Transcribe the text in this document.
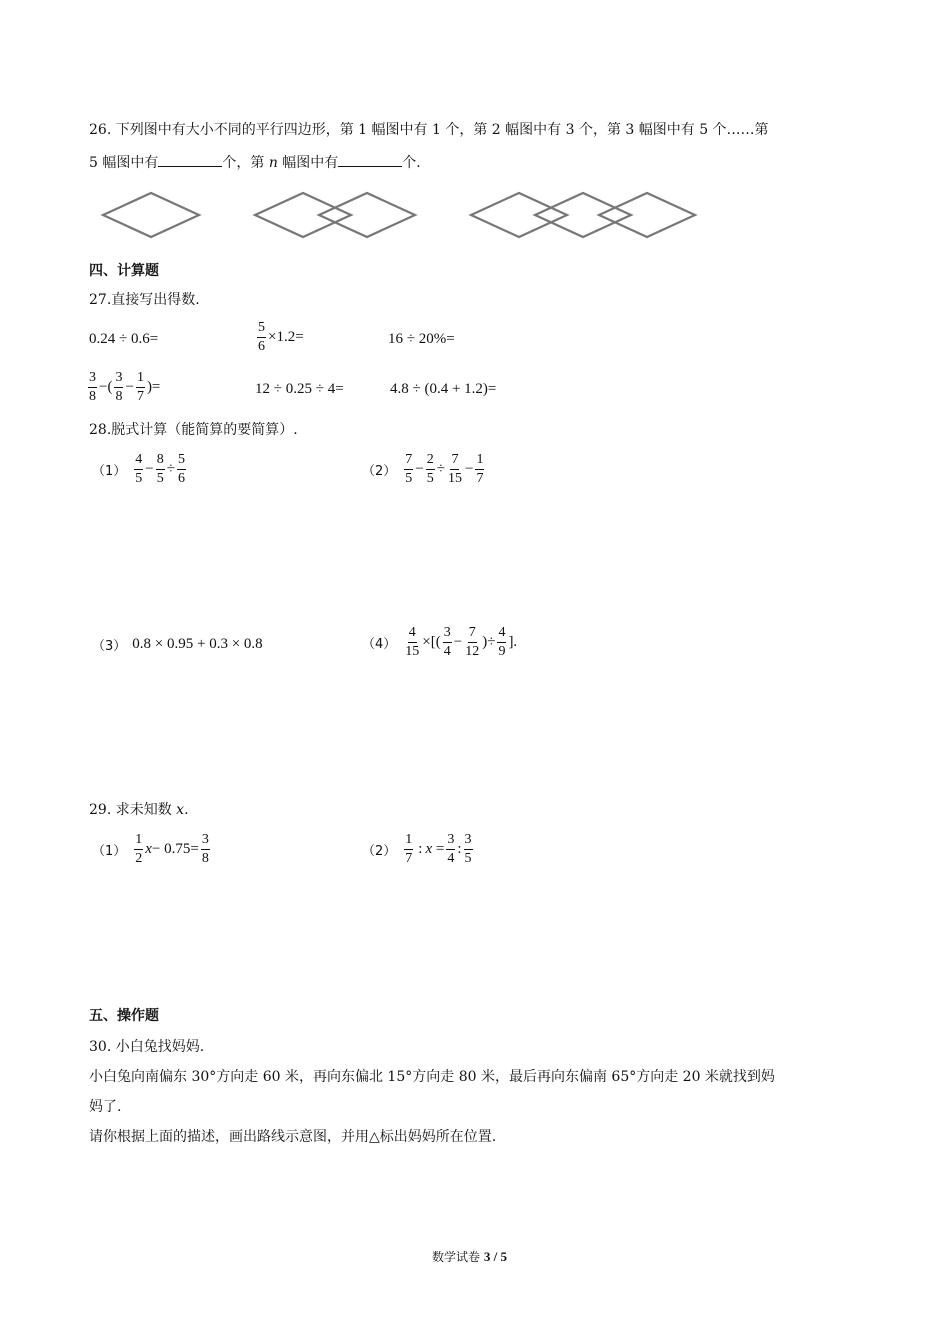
26. 下列图中有大小不同的平行四边形，第 1 幅图中有 1 个，第 2 幅图中有 3 个，第 3 幅图中有 5 个……第
5 幅图中有	个，第 n 幅图中有	个.
四、计算题
27.直接写出得数.
0.24 ÷ 0.6=	$\frac{5}{6} \times 1.2=$	16 ÷ 20%=
$\frac{3}{8}$ −( $\frac{3}{8} - \frac{1}{7}$ )=	12 ÷ 0.25 ÷ 4=	4.8 ÷ (0.4 + 1.2)=
28.脱式计算（能简算的要简算）.
$(1) \frac{4}{5} - \frac{8}{5} \div \frac{5}{6}$	$(2) \frac{7}{5} - \frac{2}{5} \div \frac{7}{15} - \frac{1}{7}$
（3） 0.8 × 0.95 + 0.3 × 0.8	$(4) \frac{4}{15}$ ×[( $\frac{3}{4} - \frac{7}{12}$ )÷ $\frac{4}{9}$ ].
29. 求未知数 x.
$(1) \frac{1}{2}$ $x - 0.75= \frac{3}{8}$	$(2) \frac{1}{7}$ : $x = \frac{3}{4}$ : $\frac{3}{5}$
五、操作题
30. 小白兔找妈妈.
小白兔向南偏东 30°方向走 60 米，再向东偏北 15°方向走 80 米，最后再向东偏南 65°方向走 20 米就找到妈
妈了.
请你根据上面的描述，画出路线示意图，并用△标出妈妈所在位置.
数学试卷 3 / 5
